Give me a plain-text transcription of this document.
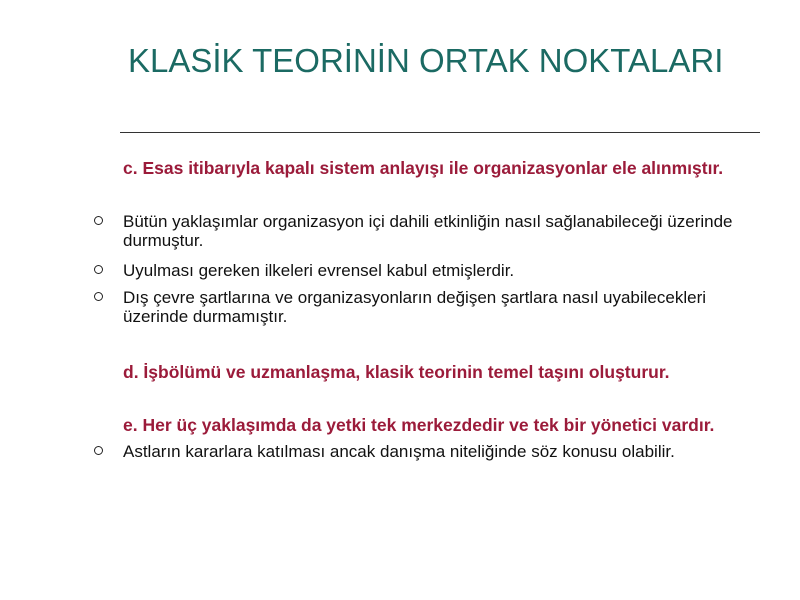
KLASİK TEORİNİN ORTAK NOKTALARI
c. Esas itibarıyla kapalı sistem anlayışı ile organizasyonlar ele alınmıştır.
Bütün yaklaşımlar organizasyon içi dahili etkinliğin nasıl sağlanabileceği üzerinde durmuştur.
Uyulması gereken ilkeleri evrensel kabul etmişlerdir.
Dış çevre şartlarına ve organizasyonların değişen şartlara nasıl uyabilecekleri üzerinde durmamıştır.
d. İşbölümü ve uzmanlaşma, klasik teorinin temel taşını oluşturur.
e. Her üç yaklaşımda da yetki tek merkezdedir ve tek bir yönetici vardır.
Astların kararlara katılması ancak danışma niteliğinde söz konusu olabilir.
